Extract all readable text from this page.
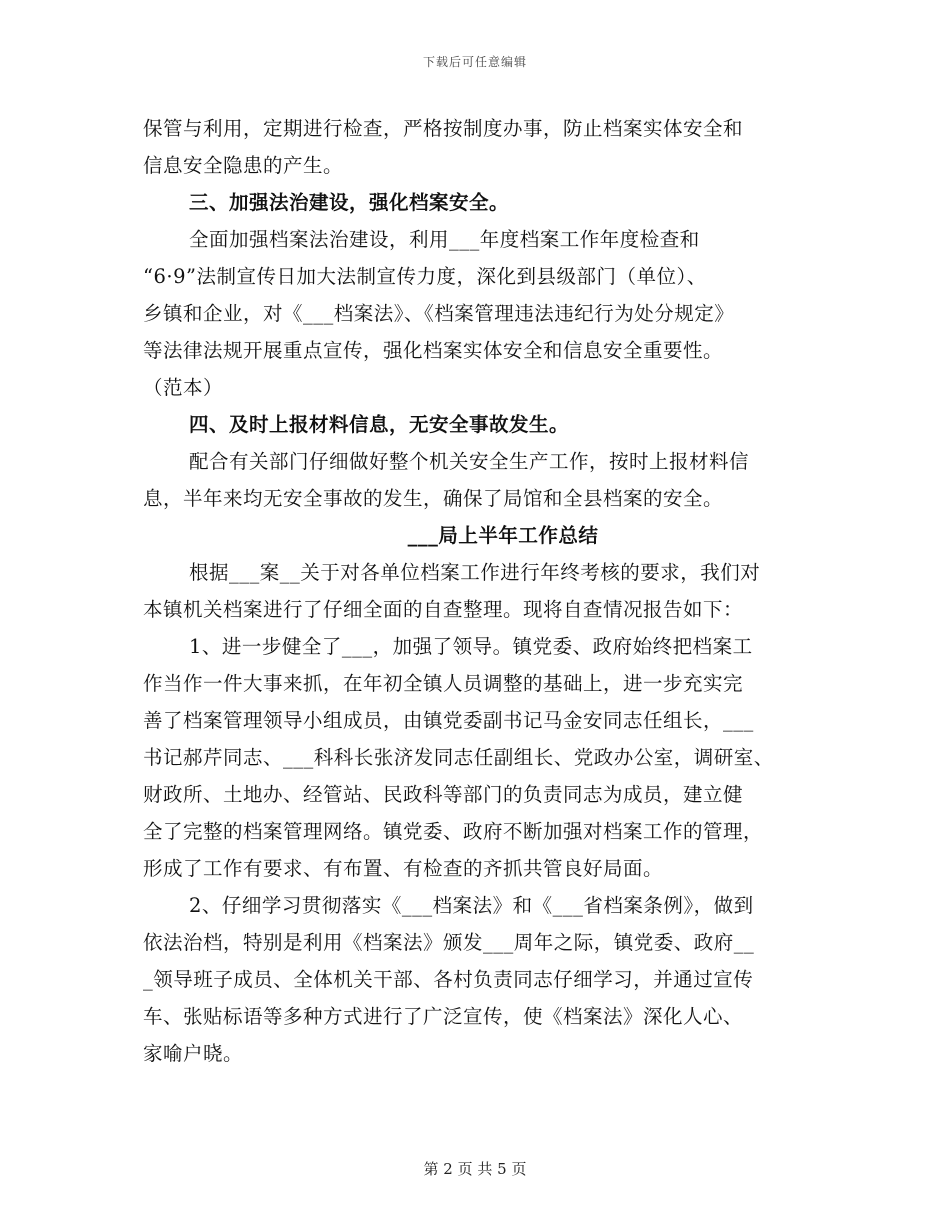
下载后可任意编辑
保管与利用，定期进行检查，严格按制度办事，防止档案实体安全和
信息安全隐患的产生。
三、加强法治建设，强化档案安全。
全面加强档案法治建设，利用___年度档案工作年度检查和
“6·9”法制宣传日加大法制宣传力度，深化到县级部门（单位）、
乡镇和企业，对《___档案法》、《档案管理违法违纪行为处分规定》
等法律法规开展重点宣传，强化档案实体安全和信息安全重要性。
（范本）
四、及时上报材料信息，无安全事故发生。
配合有关部门仔细做好整个机关安全生产工作，按时上报材料信
息，半年来均无安全事故的发生，确保了局馆和全县档案的安全。
___局上半年工作总结
根据___案__关于对各单位档案工作进行年终考核的要求，我们对
本镇机关档案进行了仔细全面的自查整理。现将自查情况报告如下：
1、进一步健全了___，加强了领导。镇党委、政府始终把档案工
作当作一件大事来抓，在年初全镇人员调整的基础上，进一步充实完
善了档案管理领导小组成员，由镇党委副书记马金安同志任组长，___
书记郝芹同志、___科科长张济发同志任副组长、党政办公室，调研室、
财政所、土地办、经管站、民政科等部门的负责同志为成员，建立健
全了完整的档案管理网络。镇党委、政府不断加强对档案工作的管理，
形成了工作有要求、有布置、有检查的齐抓共管良好局面。
2、仔细学习贯彻落实《___档案法》和《___省档案条例》，做到
依法治档，特别是利用《档案法》颁发___周年之际，镇党委、政府__
_领导班子成员、全体机关干部、各村负责同志仔细学习，并通过宣传
车、张贴标语等多种方式进行了广泛宣传，使《档案法》深化人心、
家喻户晓。
第 2 页 共 5 页
